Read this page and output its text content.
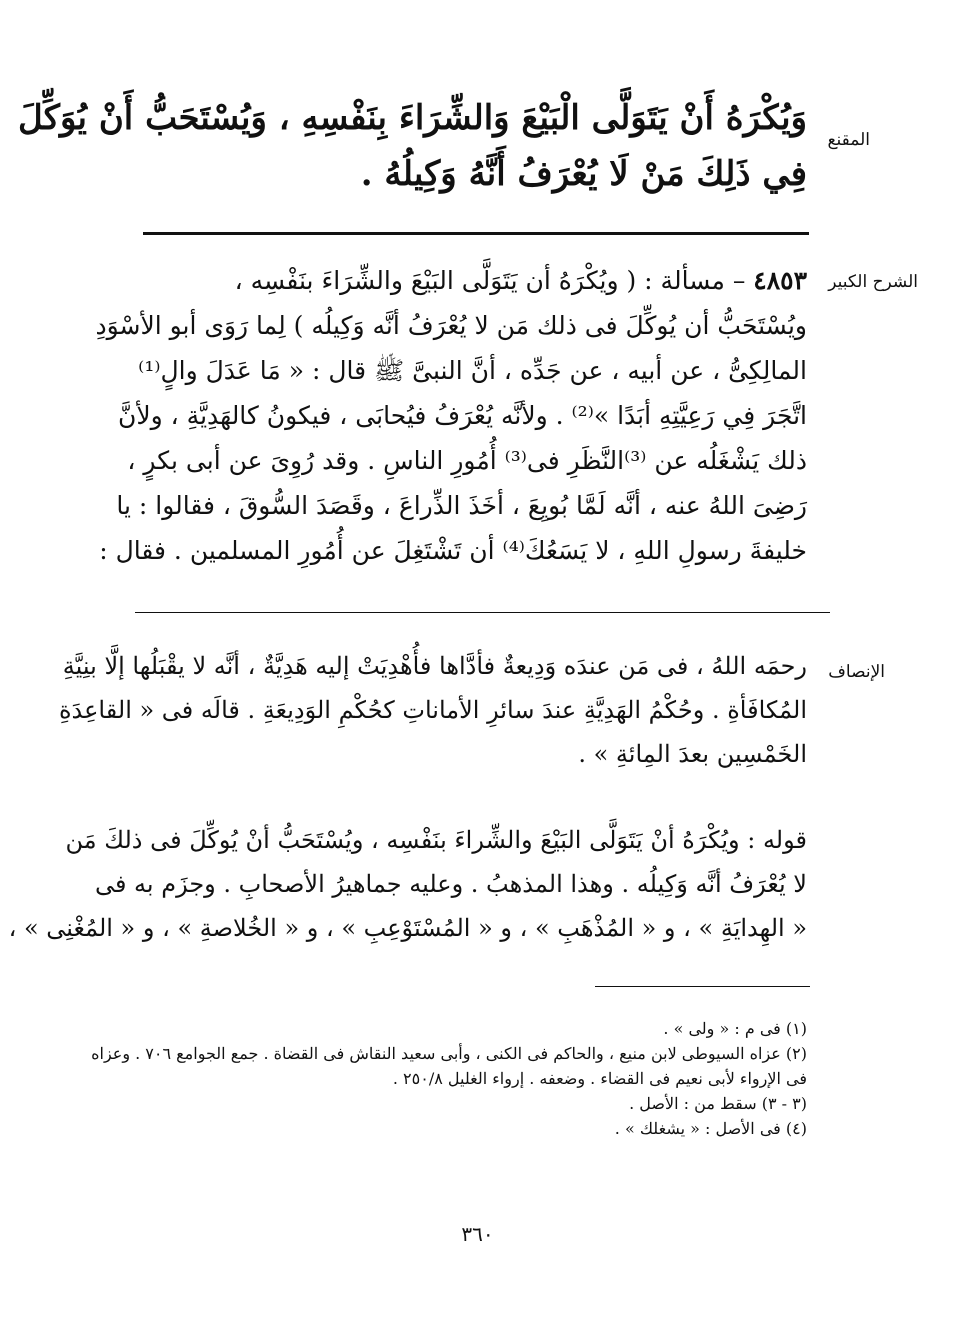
المقنع
وَيُكْرَهُ أَنْ يَتَوَلَّى الْبَيْعَ وَالشِّرَاءَ بِنَفْسِهِ ، وَيُسْتَحَبُّ أَنْ يُوَكِّلَ
فِي ذَلِكَ مَنْ لَا يُعْرَفُ أَنَّهُ وَكِيلُهُ .
الشرح الكبير
٤٨٥٣ – مسألة : ( ويُكْرَهُ أن يَتَوَلَّى البَيْعَ والشِّرَاءَ بنَفْسِه ،
ويُسْتَحَبُّ أن يُوكِّلَ فى ذلك مَن لا يُعْرَفُ أنَّه وَكِيلُه ) لِما رَوَى أبو الأسْوَدِ
المالِكِىُّ ، عن أبيه ، عن جَدِّه ، أنَّ النبىَّ ﷺ قال : « مَا عَدَلَ والٍ⁽¹⁾
اتَّجَرَ فِي رَعِيَّتِهِ أبَدًا »⁽²⁾ . ولأنَّه يُعْرَفُ فيُحابَى ، فيكونُ كالهَدِيَّةِ ، ولأنَّ
ذلك يَشْغَلُه عن ⁽³⁾النَّظَرِ فى⁽³⁾ أُمُورِ الناسِ . وقد رُوِىَ عن أبى بكرٍ ،
رَضِىَ اللهُ عنه ، أنَّه لَمَّا بُويِعَ ، أخَذَ الذِّراعَ ، وقَصَدَ السُّوقَ ، فقالوا : يا
خليفةَ رسولِ اللهِ ، لا يَسَعُكَ⁽⁴⁾ أن تَشْتَغِلَ عن أُمُورِ المسلمين . فقال :
الإنصاف
رحمَه اللهُ ، فى مَن عندَه وَدِيعةٌ فأدَّاها فأُهْدِيَتْ إليه هَدِيَّةٌ ، أنَّه لا يقْبَلُها إلَّا بنِيَّةِ
المُكافَأةِ . وحُكْمُ الهَدِيَّةِ عندَ سائرِ الأماناتِ كحُكْمِ الوَدِيعَةِ . قالَه فى « القاعِدَةِ
الخَمْسِين بعدَ المِائةِ » .
قوله : ويُكْرَهُ أنْ يَتَوَلَّى البَيْعَ والشِّراءَ بنَفْسِه ، ويُسْتَحَبُّ أنْ يُوكِّلَ فى ذلكَ مَن
لا يُعْرَفُ أنَّه وَكِيلُه . وهذا المذهبُ . وعليه جماهيرُ الأصحابِ . وجزَم به فى
« الهِدايَةِ » ، و « المُذْهَبِ » ، و « المُسْتَوْعِبِ » ، و « الخُلاصةِ » ، و « المُغْنِى » ،
(١) فى م : « ولى » .
(٢) عزاه السيوطى لابن منيع ، والحاكم فى الكنى ، وأبى سعيد النقاش فى القضاة . جمع الجوامع ٧٠٦ . وعزاه
فى الإرواء لأبى نعيم فى القضاء . وضعفه . إرواء الغليل ٢٥٠/٨ .
(٣ - ٣) سقط من : الأصل .
(٤) فى الأصل : « يشغلك » .
٣٦٠
